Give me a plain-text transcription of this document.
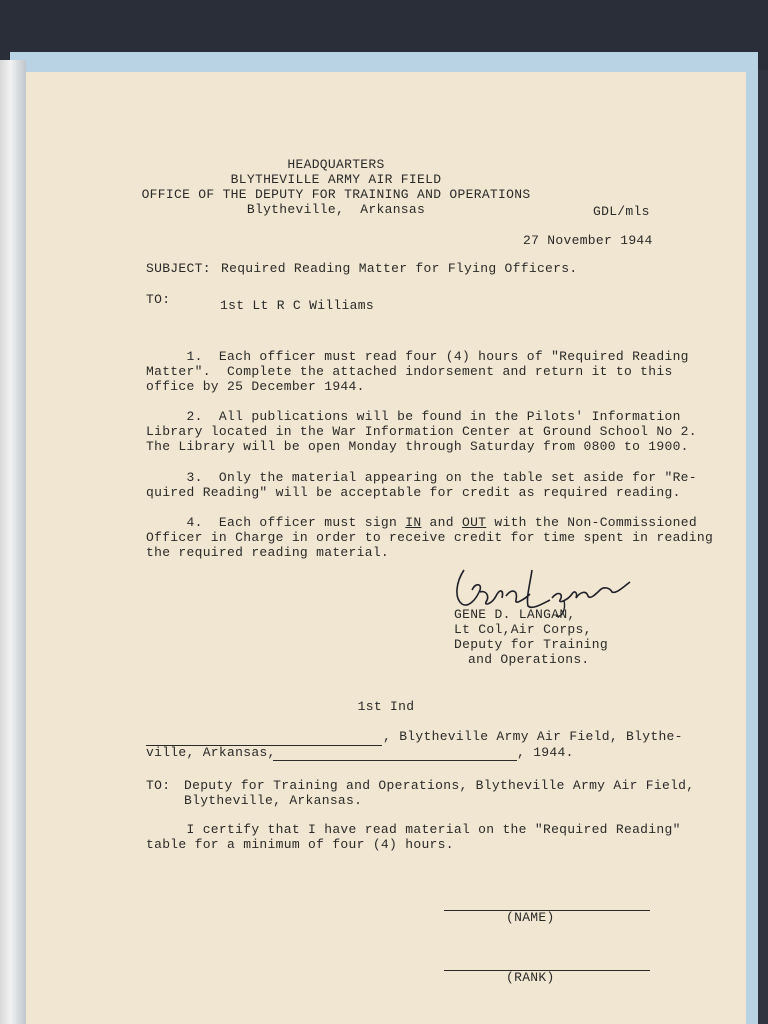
HEADQUARTERS
BLYTHEVILLE ARMY AIR FIELD
OFFICE OF THE DEPUTY FOR TRAINING AND OPERATIONS
Blytheville,  Arkansas	GDL/mls
27 November 1944
SUBJECT: Required Reading Matter for Flying Officers.
TO:	1st Lt R C Williams
1.  Each officer must read four (4) hours of "Required Reading
Matter".  Complete the attached indorsement and return it to this
office by 25 December 1944.
2.  All publications will be found in the Pilots' Information
Library located in the War Information Center at Ground School No 2.
The Library will be open Monday through Saturday from 0800 to 1900.
3.  Only the material appearing on the table set aside for "Re-
quired Reading" will be acceptable for credit as required reading.
4.  Each officer must sign IN and OUT with the Non-Commissioned
Officer in Charge in order to receive credit for time spent in reading
the required reading material.
GENE D. LANGAN,
Lt Col,Air Corps,
Deputy for Training
and Operations.
1st Ind
, Blytheville Army Air Field, Blythe-
ville, Arkansas,	, 1944.
TO: Deputy for Training and Operations, Blytheville Army Air Field,
Blytheville, Arkansas.
I certify that I have read material on the "Required Reading"
table for a minimum of four (4) hours.
(NAME)
(RANK)
